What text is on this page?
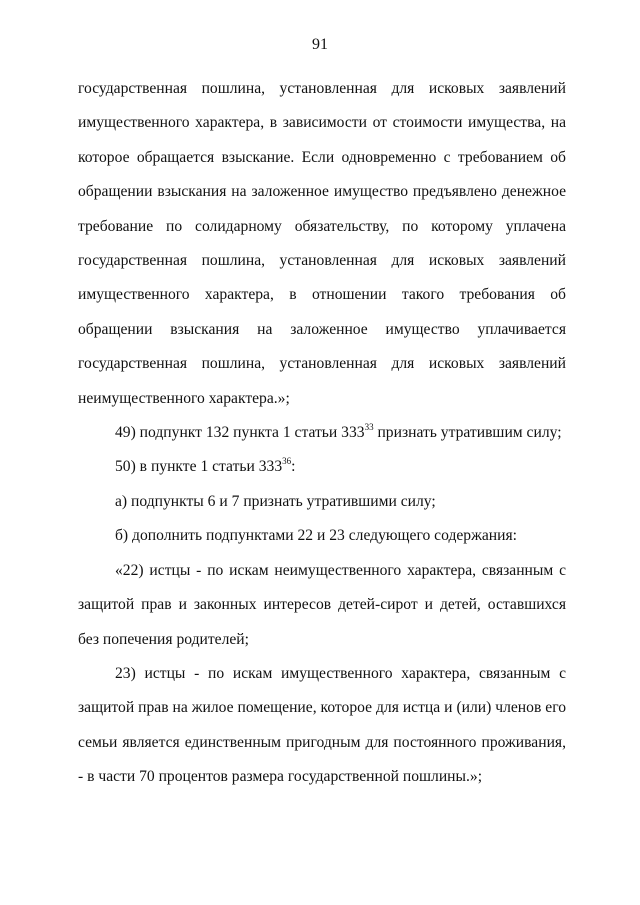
91

государственная пошлина, установленная для исковых заявлений имущественного характера, в зависимости от стоимости имущества, на которое обращается взыскание. Если одновременно с требованием об обращении взыскания на заложенное имущество предъявлено денежное требование по солидарному обязательству, по которому уплачена государственная пошлина, установленная для исковых заявлений имущественного характера, в отношении такого требования об обращении взыскания на заложенное имущество уплачивается государственная пошлина, установленная для исковых заявлений неимущественного характера.»;

49) подпункт 132 пункта 1 статьи $333^{33}$ признать утратившим силу;

50) в пункте 1 статьи $333^{36}$:

а) подпункты 6 и 7 признать утратившими силу;

б) дополнить подпунктами 22 и 23 следующего содержания:

«22) истцы - по искам неимущественного характера, связанным с защитой прав и законных интересов детей-сирот и детей, оставшихся без попечения родителей;

23) истцы - по искам имущественного характера, связанным с защитой прав на жилое помещение, которое для истца и (или) членов его семьи является единственным пригодным для постоянного проживания, - в части 70 процентов размера государственной пошлины.»;
